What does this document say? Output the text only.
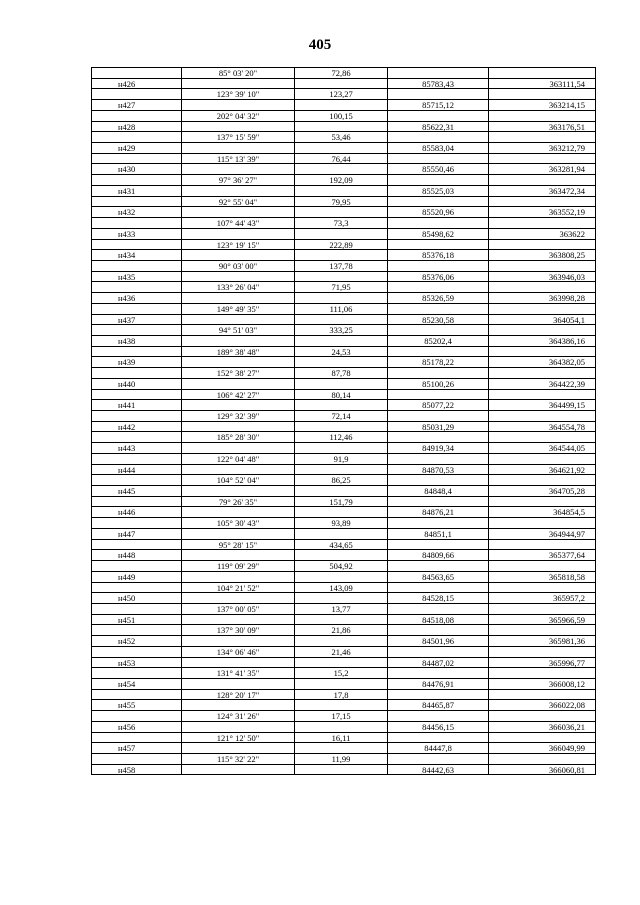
405
85° 03' 20"	72,86
н426	85783,43	363111,54
123° 39' 10"	123,27
н427	85715,12	363214,15
202° 04' 32"	100,15
н428	85622,31	363176,51
137° 15' 59"	53,46
н429	85583,04	363212,79
115° 13' 39"	76,44
н430	85550,46	363281,94
97° 36' 27"	192,09
н431	85525,03	363472,34
92° 55' 04"	79,95
н432	85520,96	363552,19
107° 44' 43"	73,3
н433	85498,62	363622
123° 19' 15"	222,89
н434	85376,18	363808,25
90° 03' 00"	137,78
н435	85376,06	363946,03
133° 26' 04"	71,95
н436	85326,59	363998,28
149° 49' 35"	111,06
н437	85230,58	364054,1
94° 51' 03"	333,25
н438	85202,4	364386,16
189° 38' 48"	24,53
н439	85178,22	364382,05
152° 38' 27"	87,78
н440	85100,26	364422,39
106° 42' 27"	80,14
н441	85077,22	364499,15
129° 32' 39"	72,14
н442	85031,29	364554,78
185° 28' 30"	112,46
н443	84919,34	364544,05
122° 04' 48"	91,9
н444	84870,53	364621,92
104° 52' 04"	86,25
н445	84848,4	364705,28
79° 26' 35"	151,79
н446	84876,21	364854,5
105° 30' 43"	93,89
н447	84851,1	364944,97
95° 28' 15"	434,65
н448	84809,66	365377,64
119° 09' 29"	504,92
н449	84563,65	365818,58
104° 21' 52"	143,09
н450	84528,15	365957,2
137° 00' 05"	13,77
н451	84518,08	365966,59
137° 30' 09"	21,86
н452	84501,96	365981,36
134° 06' 46"	21,46
н453	84487,02	365996,77
131° 41' 35"	15,2
н454	84476,91	366008,12
128° 20' 17"	17,8
н455	84465,87	366022,08
124° 31' 26"	17,15
н456	84456,15	366036,21
121° 12' 50"	16,11
н457	84447,8	366049,99
115° 32' 22"	11,99
н458	84442,63	366060,81
